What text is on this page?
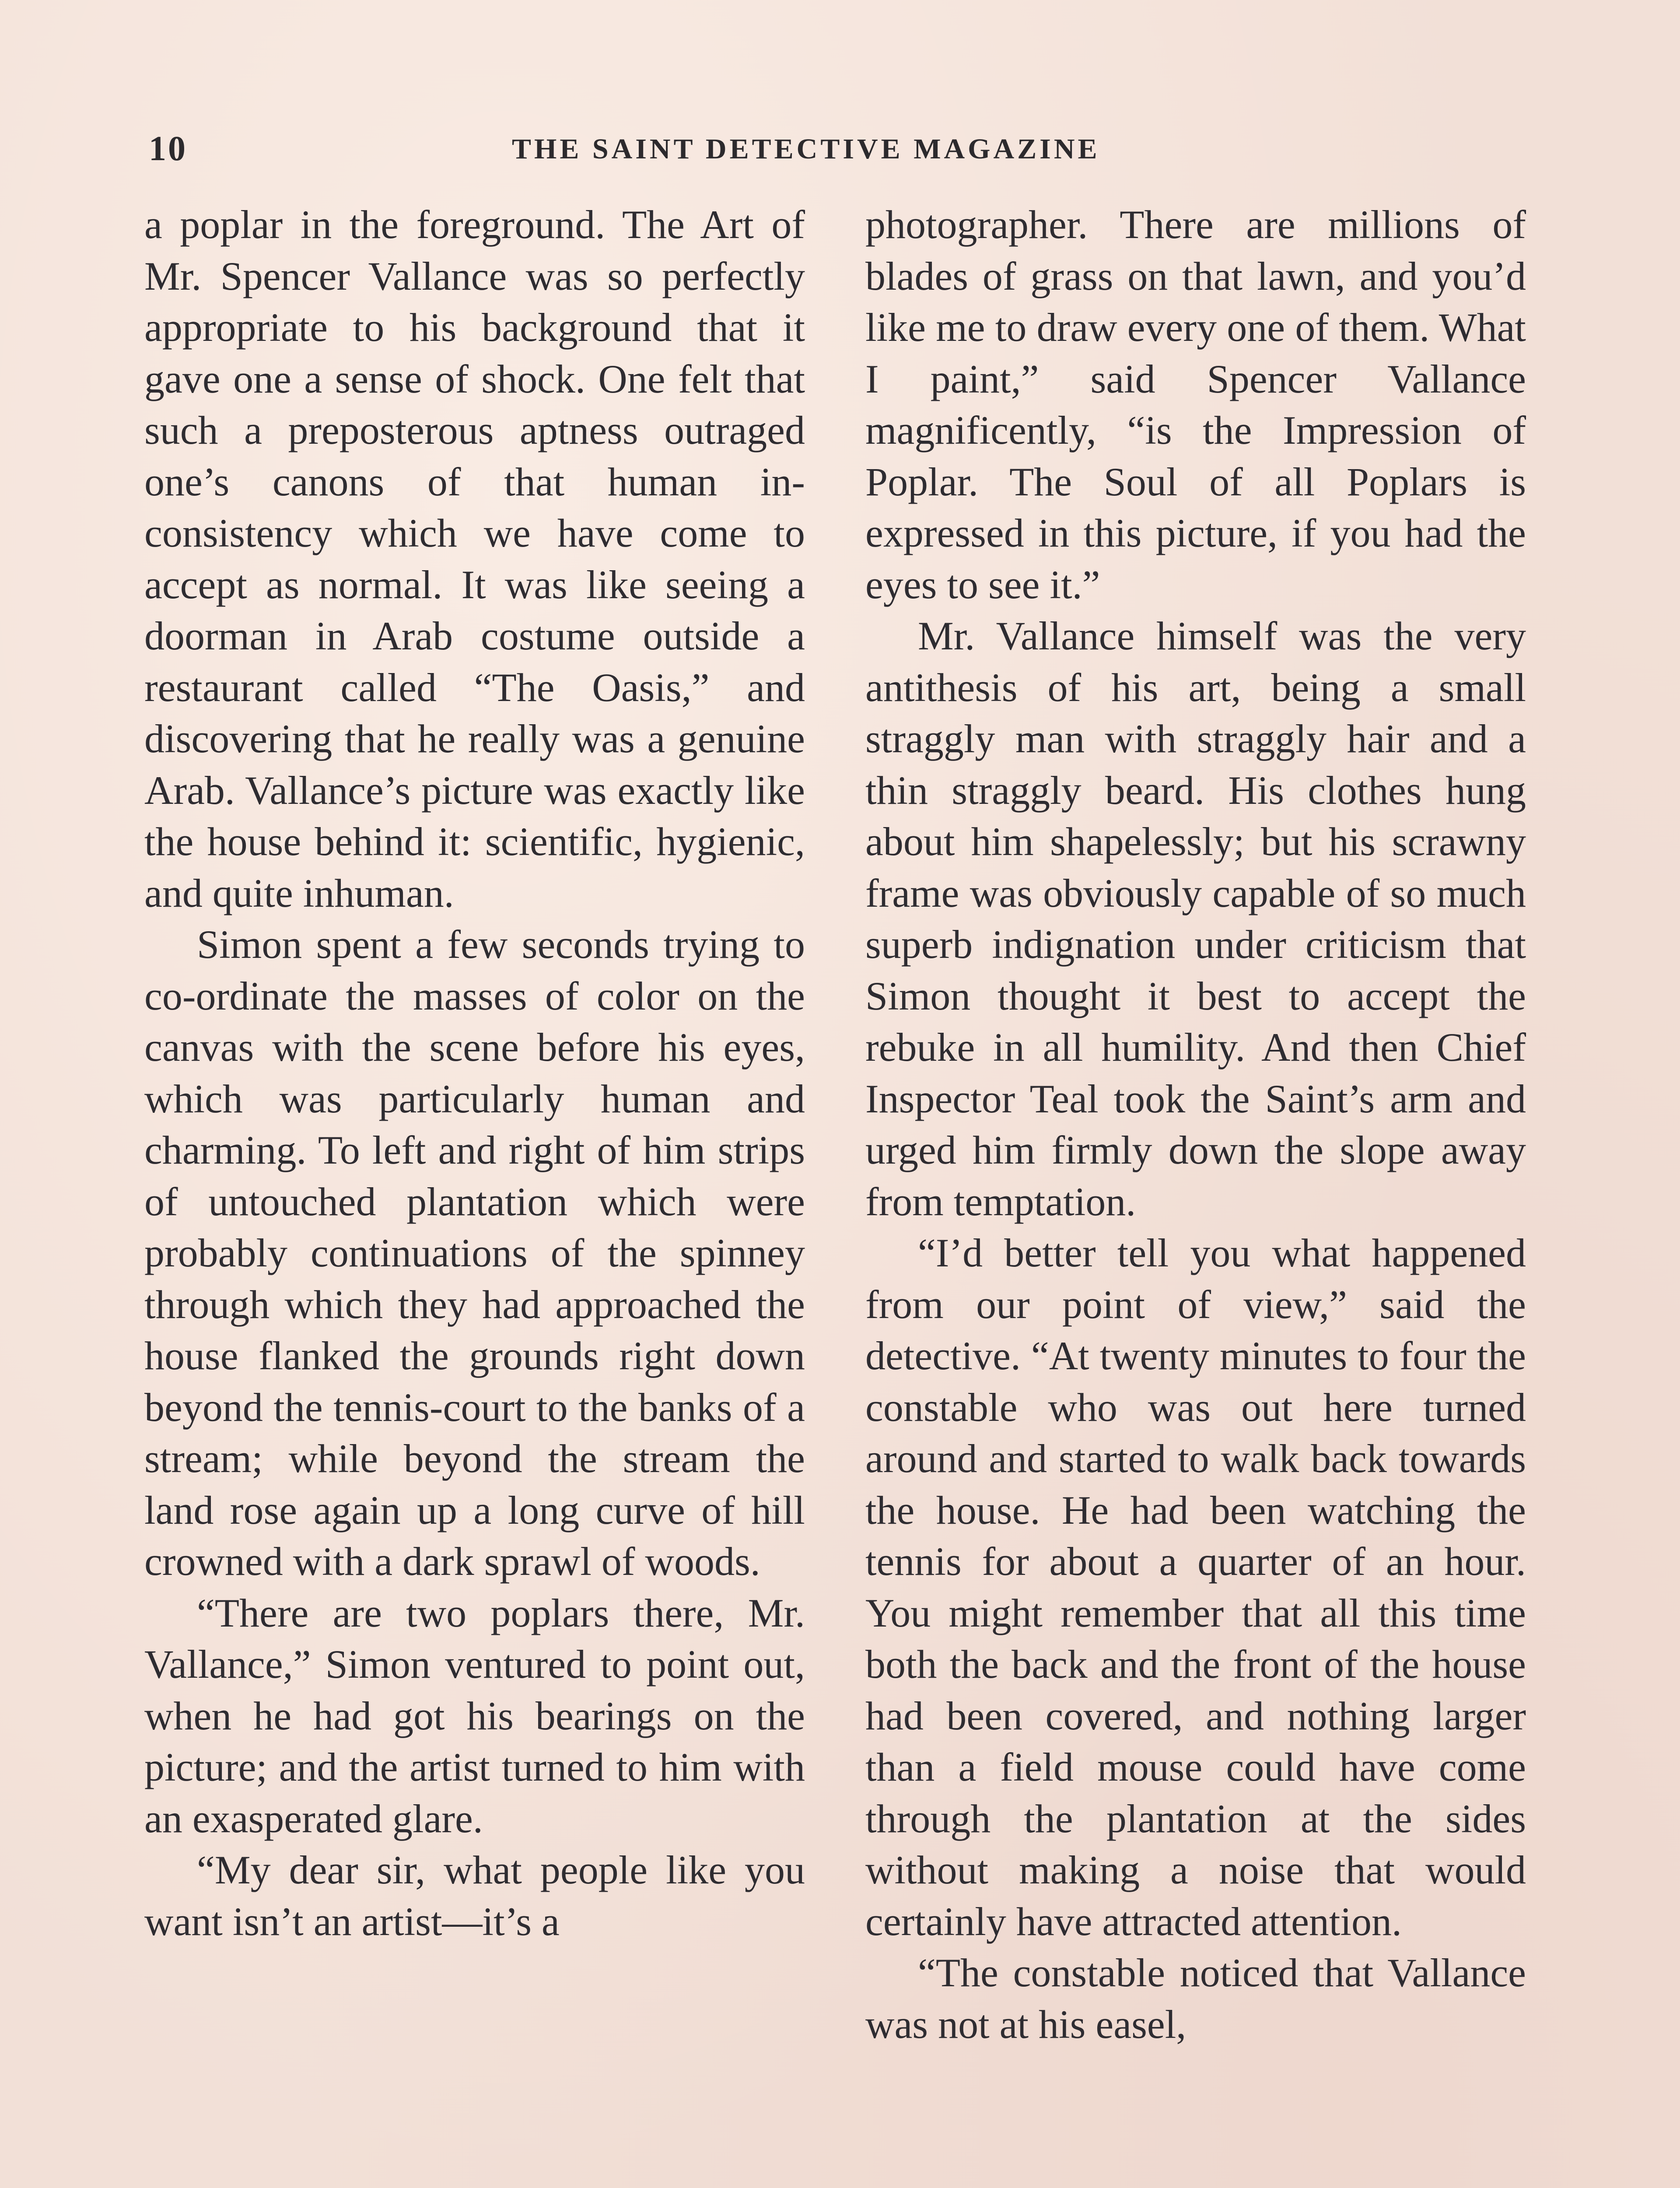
10	THE SAINT DETECTIVE MAGAZINE

a poplar in the foreground. The Art of Mr. Spencer Vallance was so perfectly appropriate to his background that it gave one a sense of shock. One felt that such a preposterous aptness outraged one’s canons of that human inconsistency which we have come to accept as normal. It was like seeing a doorman in Arab costume outside a restaurant called “The Oasis,” and discovering that he really was a genuine Arab. Vallance’s picture was exactly like the house behind it: scientific, hygienic, and quite inhuman.

Simon spent a few seconds trying to co-ordinate the masses of color on the canvas with the scene before his eyes, which was particularly human and charming. To left and right of him strips of untouched plantation which were probably continuations of the spinney through which they had approached the house flanked the grounds right down beyond the tennis-court to the banks of a stream; while beyond the stream the land rose again up a long curve of hill crowned with a dark sprawl of woods.

“There are two poplars there, Mr. Vallance,” Simon ventured to point out, when he had got his bearings on the picture; and the artist turned to him with an exasperated glare.

“My dear sir, what people like you want isn’t an artist—it’s a

photographer. There are millions of blades of grass on that lawn, and you’d like me to draw every one of them. What I paint,” said Spencer Vallance magnificently, “is the Impression of Poplar. The Soul of all Poplars is expressed in this picture, if you had the eyes to see it.”

Mr. Vallance himself was the very antithesis of his art, being a small straggly man with straggly hair and a thin straggly beard. His clothes hung about him shapelessly; but his scrawny frame was obviously capable of so much superb indignation under criticism that Simon thought it best to accept the rebuke in all humility. And then Chief Inspector Teal took the Saint’s arm and urged him firmly down the slope away from temptation.

“I’d better tell you what happened from our point of view,” said the detective. “At twenty minutes to four the constable who was out here turned around and started to walk back towards the house. He had been watching the tennis for about a quarter of an hour. You might remember that all this time both the back and the front of the house had been covered, and nothing larger than a field mouse could have come through the plantation at the sides without making a noise that would certainly have attracted attention.

“The constable noticed that Vallance was not at his easel,
